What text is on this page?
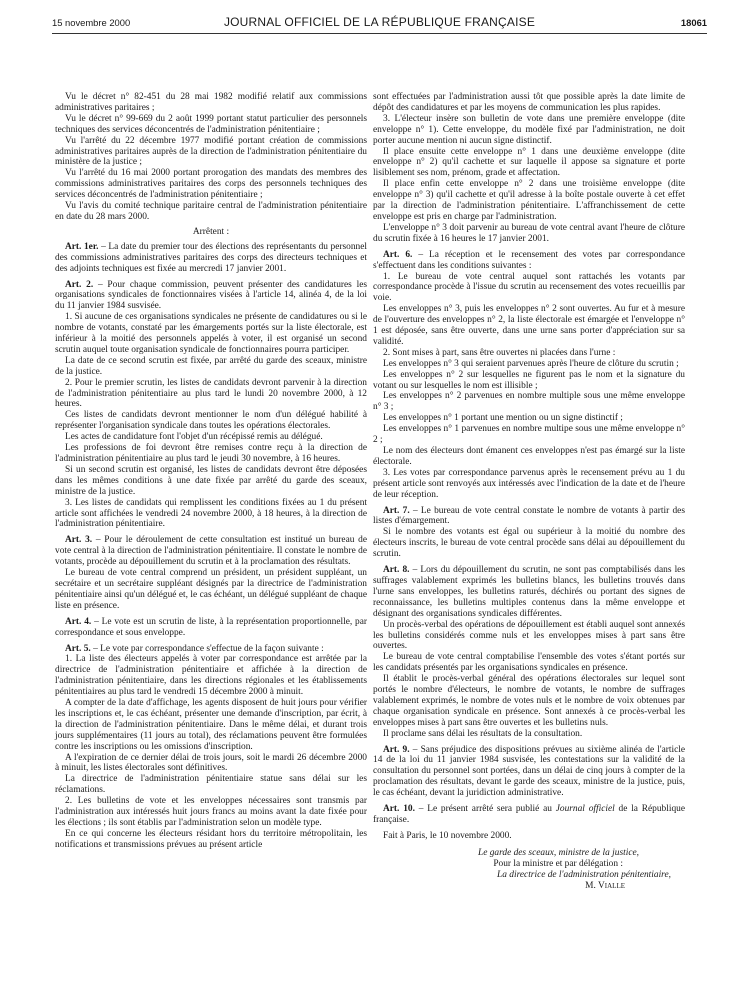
15 novembre 2000	JOURNAL OFFICIEL DE LA RÉPUBLIQUE FRANÇAISE	18061

Vu le décret n° 82-451 du 28 mai 1982 modifié relatif aux commissions administratives paritaires ;

Vu le décret n° 99-669 du 2 août 1999 portant statut particulier des personnels techniques des services déconcentrés de l'administration pénitentiaire ;

Vu l'arrêté du 22 décembre 1977 modifié portant création de commissions administratives paritaires auprès de la direction de l'administration pénitentiaire du ministère de la justice ;

Vu l'arrêté du 16 mai 2000 portant prorogation des mandats des membres des commissions administratives paritaires des corps des personnels techniques des services déconcentrés de l'administration pénitentiaire ;

Vu l'avis du comité technique paritaire central de l'administration pénitentiaire en date du 28 mars 2000.

Arrêtent :

Art. 1er. – La date du premier tour des élections des représentants du personnel des commissions administratives paritaires des corps des directeurs techniques et des adjoints techniques est fixée au mercredi 17 janvier 2001.

Art. 2. – Pour chaque commission, peuvent présenter des candidatures les organisations syndicales de fonctionnaires visées à l'article 14, alinéa 4, de la loi du 11 janvier 1984 susvisée.

1. Si aucune de ces organisations syndicales ne présente de candidatures ou si le nombre de votants, constaté par les émargements portés sur la liste électorale, est inférieur à la moitié des personnels appelés à voter, il est organisé un second scrutin auquel toute organisation syndicale de fonctionnaires pourra participer.

La date de ce second scrutin est fixée, par arrêté du garde des sceaux, ministre de la justice.

2. Pour le premier scrutin, les listes de candidats devront parvenir à la direction de l'administration pénitentiaire au plus tard le lundi 20 novembre 2000, à 12 heures.

Ces listes de candidats devront mentionner le nom d'un délégué habilité à représenter l'organisation syndicale dans toutes les opérations électorales.

Les actes de candidature font l'objet d'un récépissé remis au délégué.

Les professions de foi devront être remises contre reçu à la direction de l'administration pénitentiaire au plus tard le jeudi 30 novembre, à 16 heures.

Si un second scrutin est organisé, les listes de candidats devront être déposées dans les mêmes conditions à une date fixée par arrêté du garde des sceaux, ministre de la justice.

3. Les listes de candidats qui remplissent les conditions fixées au 1 du présent article sont affichées le vendredi 24 novembre 2000, à 18 heures, à la direction de l'administration pénitentiaire.

Art. 3. – Pour le déroulement de cette consultation est institué un bureau de vote central à la direction de l'administration pénitentiaire. Il constate le nombre de votants, procède au dépouillement du scrutin et à la proclamation des résultats.

Le bureau de vote central comprend un président, un président suppléant, un secrétaire et un secrétaire suppléant désignés par la directrice de l'administration pénitentiaire ainsi qu'un délégué et, le cas échéant, un délégué suppléant de chaque liste en présence.

Art. 4. – Le vote est un scrutin de liste, à la représentation proportionnelle, par correspondance et sous enveloppe.

Art. 5. – Le vote par correspondance s'effectue de la façon suivante :

1. La liste des électeurs appelés à voter par correspondance est arrêtée par la directrice de l'administration pénitentiaire et affichée à la direction de l'administration pénitentiaire, dans les directions régionales et les établissements pénitentiaires au plus tard le vendredi 15 décembre 2000 à minuit.

A compter de la date d'affichage, les agents disposent de huit jours pour vérifier les inscriptions et, le cas échéant, présenter une demande d'inscription, par écrit, à la direction de l'administration pénitentiaire. Dans le même délai, et durant trois jours supplémentaires (11 jours au total), des réclamations peuvent être formulées contre les inscriptions ou les omissions d'inscription.

A l'expiration de ce dernier délai de trois jours, soit le mardi 26 décembre 2000 à minuit, les listes électorales sont définitives.

La directrice de l'administration pénitentiaire statue sans délai sur les réclamations.

2. Les bulletins de vote et les enveloppes nécessaires sont transmis par l'administration aux intéressés huit jours francs au moins avant la date fixée pour les élections ; ils sont établis par l'administration selon un modèle type.

En ce qui concerne les électeurs résidant hors du territoire métropolitain, les notifications et transmissions prévues au présent article

sont effectuées par l'administration aussi tôt que possible après la date limite de dépôt des candidatures et par les moyens de communication les plus rapides.

3. L'électeur insère son bulletin de vote dans une première enveloppe (dite enveloppe n° 1). Cette enveloppe, du modèle fixé par l'administration, ne doit porter aucune mention ni aucun signe distinctif.

Il place ensuite cette enveloppe n° 1 dans une deuxième enveloppe (dite enveloppe n° 2) qu'il cachette et sur laquelle il appose sa signature et porte lisiblement ses nom, prénom, grade et affectation.

Il place enfin cette enveloppe n° 2 dans une troisième enveloppe (dite enveloppe n° 3) qu'il cachette et qu'il adresse à la boîte postale ouverte à cet effet par la direction de l'administration pénitentiaire. L'affranchissement de cette enveloppe est pris en charge par l'administration.

L'enveloppe n° 3 doit parvenir au bureau de vote central avant l'heure de clôture du scrutin fixée à 16 heures le 17 janvier 2001.

Art. 6. – La réception et le recensement des votes par correspondance s'effectuent dans les conditions suivantes :

1. Le bureau de vote central auquel sont rattachés les votants par correspondance procède à l'issue du scrutin au recensement des votes recueillis par voie.

Les enveloppes n° 3, puis les enveloppes n° 2 sont ouvertes. Au fur et à mesure de l'ouverture des enveloppes n° 2, la liste électorale est émargée et l'enveloppe n° 1 est déposée, sans être ouverte, dans une urne sans porter d'appréciation sur sa validité.

2. Sont mises à part, sans être ouvertes ni placées dans l'urne :

Les enveloppes n° 3 qui seraient parvenues après l'heure de clôture du scrutin ;

Les enveloppes n° 2 sur lesquelles ne figurent pas le nom et la signature du votant ou sur lesquelles le nom est illisible ;

Les enveloppes n° 2 parvenues en nombre multiple sous une même enveloppe n° 3 ;

Les enveloppes n° 1 portant une mention ou un signe distinctif ;

Les enveloppes n° 1 parvenues en nombre multipe sous une même enveloppe n° 2 ;

Le nom des électeurs dont émanent ces enveloppes n'est pas émargé sur la liste électorale.

3. Les votes par correspondance parvenus après le recensement prévu au 1 du présent article sont renvoyés aux intéressés avec l'indication de la date et de l'heure de leur réception.

Art. 7. – Le bureau de vote central constate le nombre de votants à partir des listes d'émargement.

Si le nombre des votants est égal ou supérieur à la moitié du nombre des électeurs inscrits, le bureau de vote central procède sans délai au dépouillement du scrutin.

Art. 8. – Lors du dépouillement du scrutin, ne sont pas comptabilisés dans les suffrages valablement exprimés les bulletins blancs, les bulletins trouvés dans l'urne sans enveloppes, les bulletins raturés, déchirés ou portant des signes de reconnaissance, les bulletins multiples contenus dans la même enveloppe et désignant des organisations syndicales différentes.

Un procès-verbal des opérations de dépouillement est établi auquel sont annexés les bulletins considérés comme nuls et les enveloppes mises à part sans être ouvertes.

Le bureau de vote central comptabilise l'ensemble des votes s'étant portés sur les candidats présentés par les organisations syndicales en présence.

Il établit le procès-verbal général des opérations électorales sur lequel sont portés le nombre d'électeurs, le nombre de votants, le nombre de suffrages valablement exprimés, le nombre de votes nuls et le nombre de voix obtenues par chaque organisation syndicale en présence. Sont annexés à ce procès-verbal les enveloppes mises à part sans être ouvertes et les bulletins nuls.

Il proclame sans délai les résultats de la consultation.

Art. 9. – Sans préjudice des dispositions prévues au sixième alinéa de l'article 14 de la loi du 11 janvier 1984 susvisée, les contestations sur la validité de la consultation du personnel sont portées, dans un délai de cinq jours à compter de la proclamation des résultats, devant le garde des sceaux, ministre de la justice, puis, le cas échéant, devant la juridiction administrative.

Art. 10. – Le présent arrêté sera publié au Journal officiel de la République française.

Fait à Paris, le 10 novembre 2000.

Le garde des sceaux, ministre de la justice,

Pour la ministre et par délégation :

La directrice de l'administration pénitentiaire,

M. Vialle
